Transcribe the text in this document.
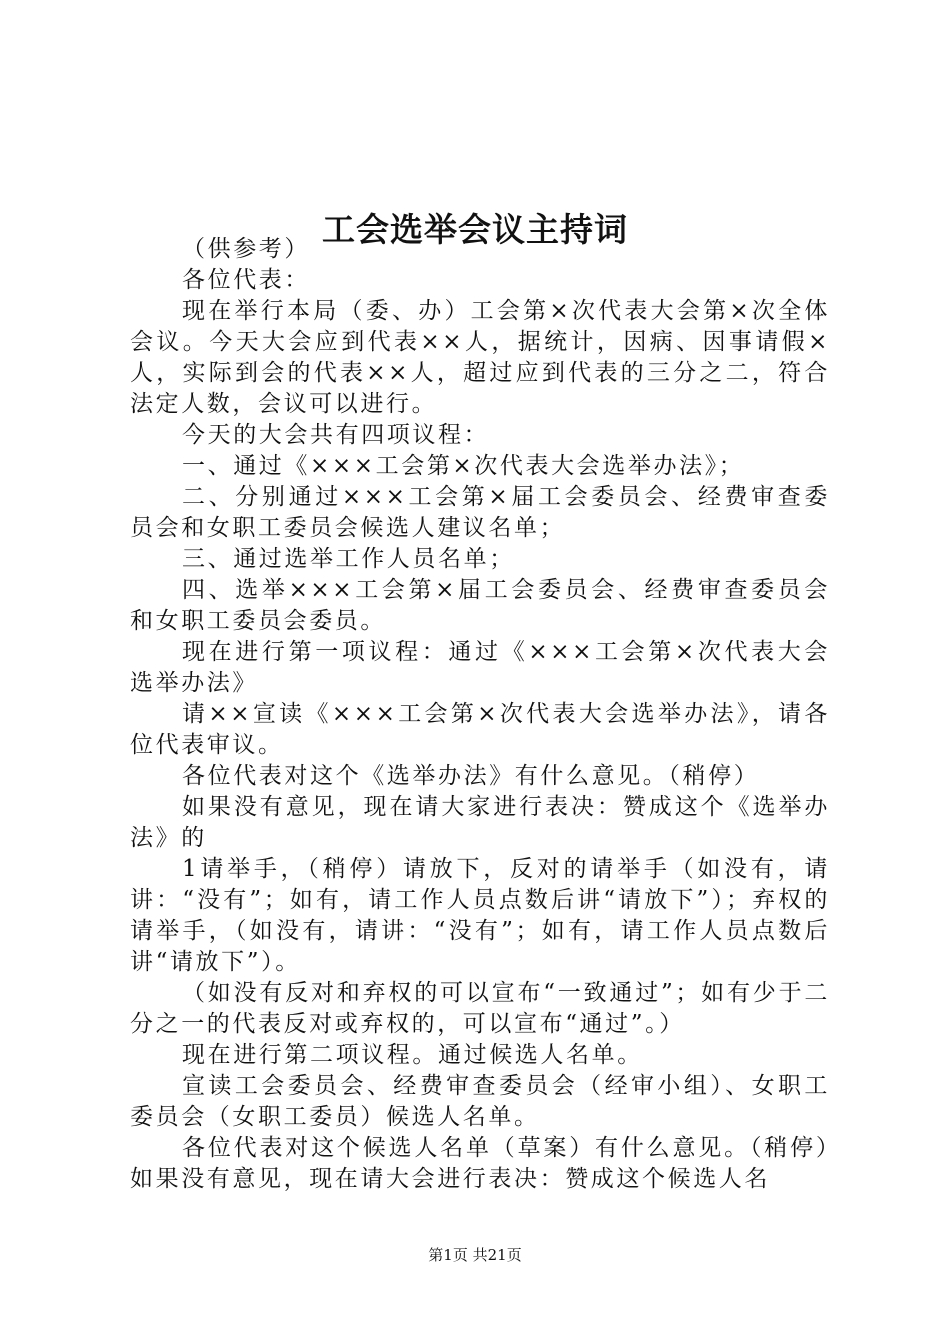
工会选举会议主持词

（供参考）

各位代表：

现在举行本局（委、办）工会第×次代表大会第×次全体会议。今天大会应到代表××人，据统计，因病、因事请假×人，实际到会的代表××人，超过应到代表的三分之二，符合法定人数，会议可以进行。

今天的大会共有四项议程：

一、通过《×××工会第×次代表大会选举办法》；

二、分别通过×××工会第×届工会委员会、经费审查委员会和女职工委员会候选人建议名单；

三、通过选举工作人员名单；

四、选举×××工会第×届工会委员会、经费审查委员会和女职工委员会委员。

现在进行第一项议程：通过《×××工会第×次代表大会选举办法》

请××宣读《×××工会第×次代表大会选举办法》，请各位代表审议。

各位代表对这个《选举办法》有什么意见。（稍停）

如果没有意见，现在请大家进行表决：赞成这个《选举办法》的

1请举手，（稍停）请放下，反对的请举手（如没有，请讲：“没有”；如有，请工作人员点数后讲“请放下”）；弃权的请举手，（如没有，请讲：“没有”；如有，请工作人员点数后讲“请放下”）。

（如没有反对和弃权的可以宣布“一致通过”；如有少于二分之一的代表反对或弃权的，可以宣布“通过”。）

现在进行第二项议程。通过候选人名单。

宣读工会委员会、经费审查委员会（经审小组）、女职工委员会（女职工委员）候选人名单。

各位代表对这个候选人名单（草案）有什么意见。（稍停）如果没有意见，现在请大会进行表决：赞成这个候选人名

第1页 共21页
